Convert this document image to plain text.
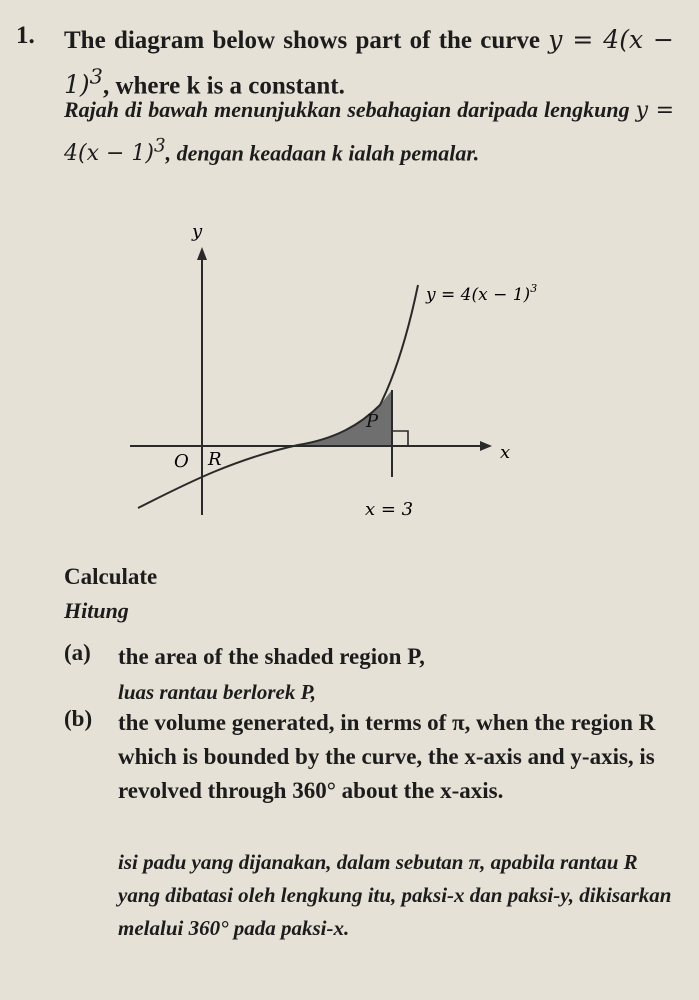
1. The diagram below shows part of the curve $y = 4(x - 1)^3$, where k is a constant.
Rajah di bawah menunjukkan sebahagian daripada lengkung $y = 4(x - 1)^3$, dengan keadaan k ialah pemalar.
y
x
O R
P
$y = 4(x - 1)^3$
x = 3
Calculate
Hitung
(a) the area of the shaded region P,
luas rantau berlorek P,
(b) the volume generated, in terms of π, when the region R which is bounded by the curve, the x-axis and y-axis, is revolved through 360° about the x-axis.
isi padu yang dijanakan, dalam sebutan π, apabila rantau R yang dibatasi oleh lengkung itu, paksi-x dan paksi-y, dikisarkan melalui 360° pada paksi-x.
